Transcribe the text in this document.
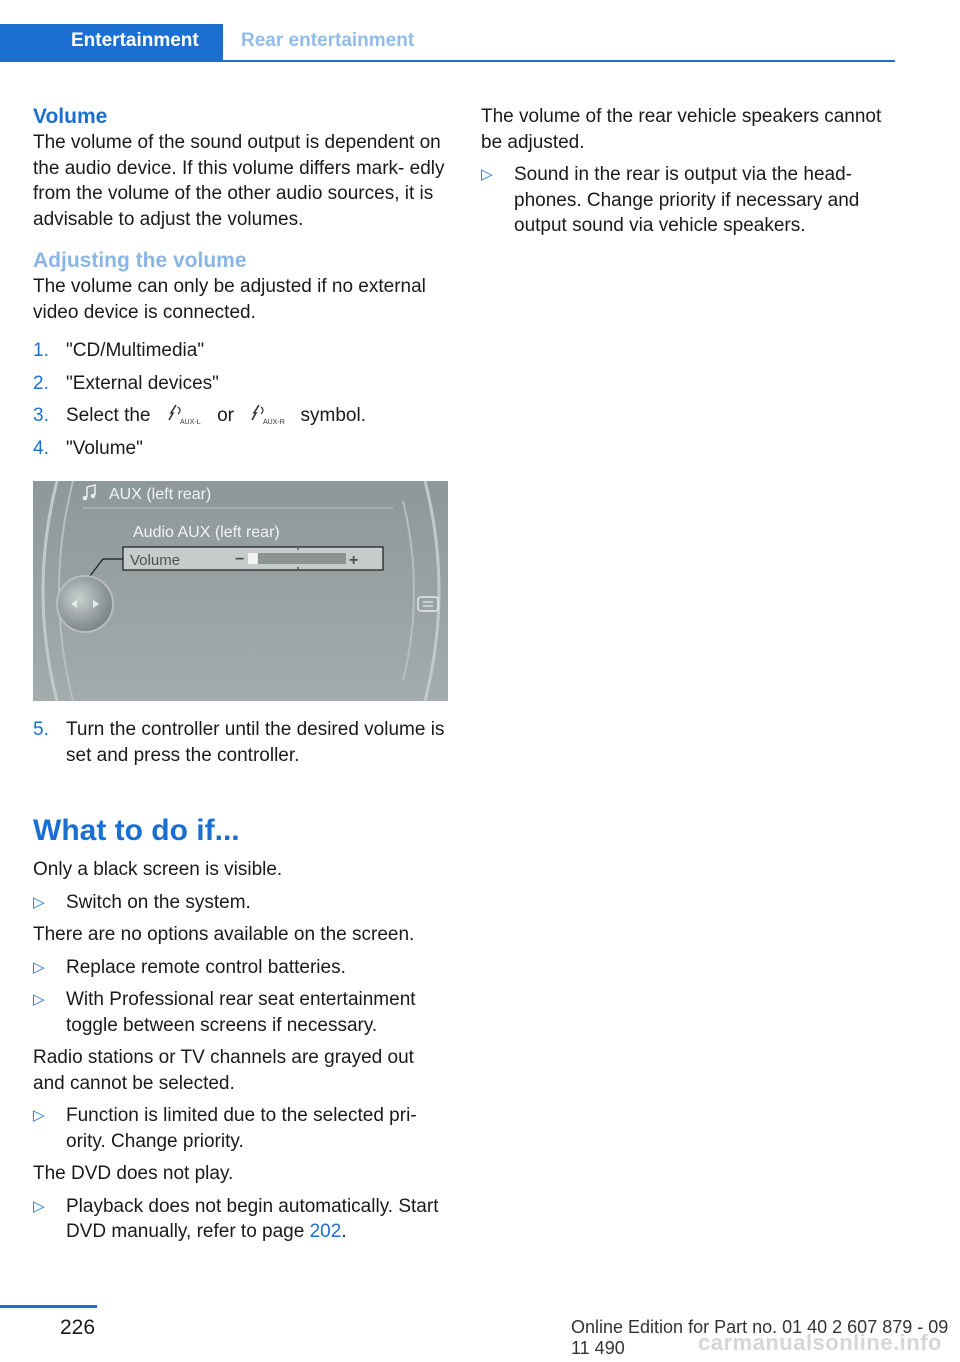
Entertainment	Rear entertainment
Volume

The volume of the sound output is dependent on the audio device. If this volume differs mark‐ edly from the volume of the other audio sources, it is advisable to adjust the volumes.

Adjusting the volume

The volume can only be adjusted if no external video device is connected.

1. "CD/Multimedia"
2. "External devices"
3. Select the	AUX-L or	AUX-R symbol.
4. "Volume"
AUX (left rear)
Audio AUX (left rear)
Volume	−	+
5. Turn the controller until the desired volume is set and press the controller.
What to do if...

Only a black screen is visible.

▷ Switch on the system.

There are no options available on the screen.

▷ Replace remote control batteries.
▷ With Professional rear seat entertainment toggle between screens if necessary.

Radio stations or TV channels are grayed out and cannot be selected.

▷ Function is limited due to the selected pri‐ ority. Change priority.

The DVD does not play.

▷ Playback does not begin automatically. Start DVD manually, refer to page 202.

The volume of the rear vehicle speakers cannot be adjusted.

▷ Sound in the rear is output via the head‐ phones. Change priority if necessary and output sound via vehicle speakers.
226	Online Edition for Part no. 01 40 2 607 879 - 09 11 490	carmanualsonline.info
